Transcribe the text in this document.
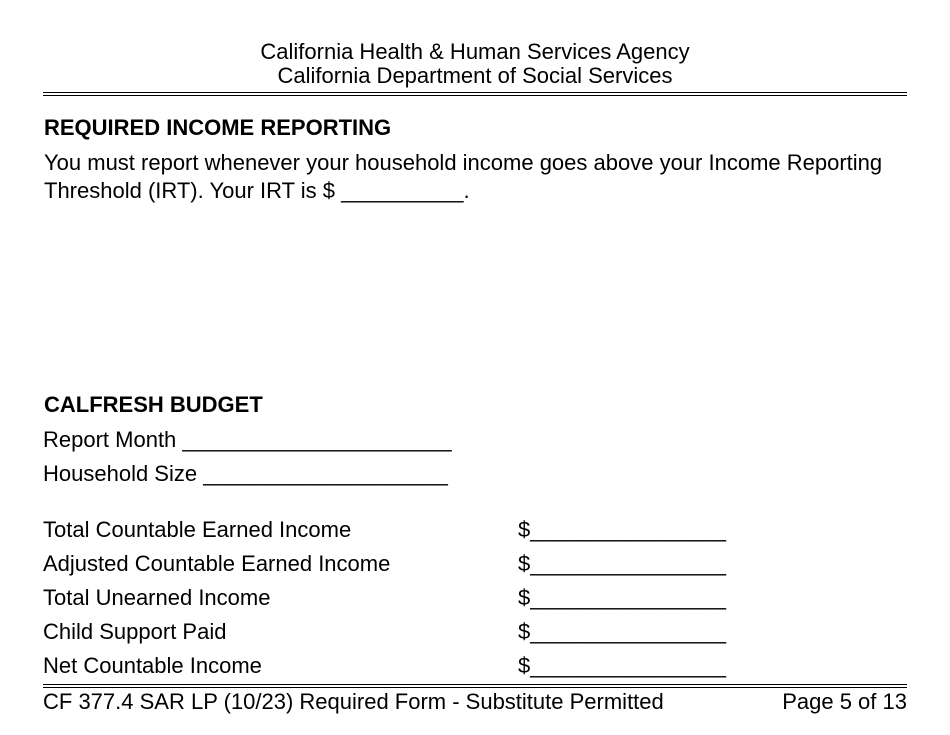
California Health & Human Services Agency
California Department of Social Services
REQUIRED INCOME REPORTING
You must report whenever your household income goes above your Income Reporting Threshold (IRT). Your IRT is $ __________.
CALFRESH BUDGET
Report Month ______________________
Household Size ____________________
Total Countable Earned Income	$________________
Adjusted Countable Earned Income	$________________
Total Unearned Income	$________________
Child Support Paid	$________________
Net Countable Income	$________________
CF 377.4 SAR LP (10/23) Required Form - Substitute Permitted	Page 5 of 13
